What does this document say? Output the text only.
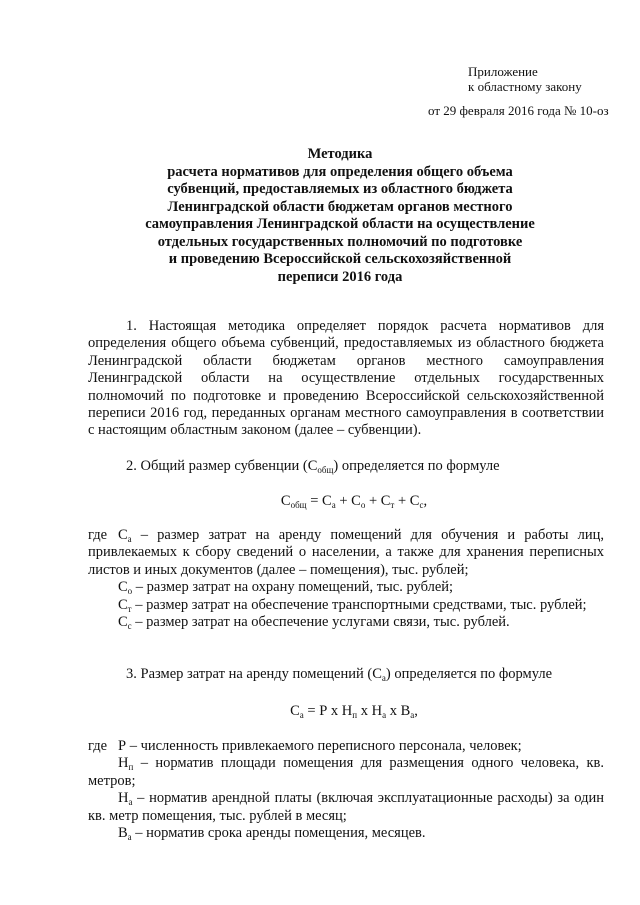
Приложение
к областному закону
от 29 февраля 2016 года № 10-оз
Методика
расчета нормативов для определения общего объема
субвенций, предоставляемых из областного бюджета
Ленинградской области бюджетам органов местного
самоуправления Ленинградской области на осуществление
отдельных государственных полномочий по подготовке
и проведению Всероссийской сельскохозяйственной
переписи 2016 года
1. Настоящая методика определяет порядок расчета нормативов для определения общего объема субвенций, предоставляемых из областного бюджета Ленинградской области бюджетам органов местного самоуправления Ленинградской области на осуществление отдельных государственных полномочий по подготовке и проведению Всероссийской сельскохозяйственной переписи 2016 год, переданных органам местного самоуправления в соответствии с настоящим областным законом (далее – субвенции).
2. Общий размер субвенции $(С_{общ})$ определяется по формуле
$С_{общ} = С_а + С_о + С_т + С_с$,
где $С_а$ – размер затрат на аренду помещений для обучения и работы лиц, привлекаемых к сбору сведений о населении, а также для хранения переписных листов и иных документов (далее – помещения), тыс. рублей;
$С_о$ – размер затрат на охрану помещений, тыс. рублей;
$С_т$ – размер затрат на обеспечение транспортными средствами, тыс. рублей;
$С_с$ – размер затрат на обеспечение услугами связи, тыс. рублей.
3. Размер затрат на аренду помещений $(С_а)$ определяется по формуле
$С_а = Р$ х $Н_п$ х $Н_а$ х $В_а$,
где Р – численность привлекаемого переписного персонала, человек;
$Н_п$ – норматив площади помещения для размещения одного человека, кв. метров;
$Н_а$ – норматив арендной платы (включая эксплуатационные расходы) за один кв. метр помещения, тыс. рублей в месяц;
$В_а$ – норматив срока аренды помещения, месяцев.
